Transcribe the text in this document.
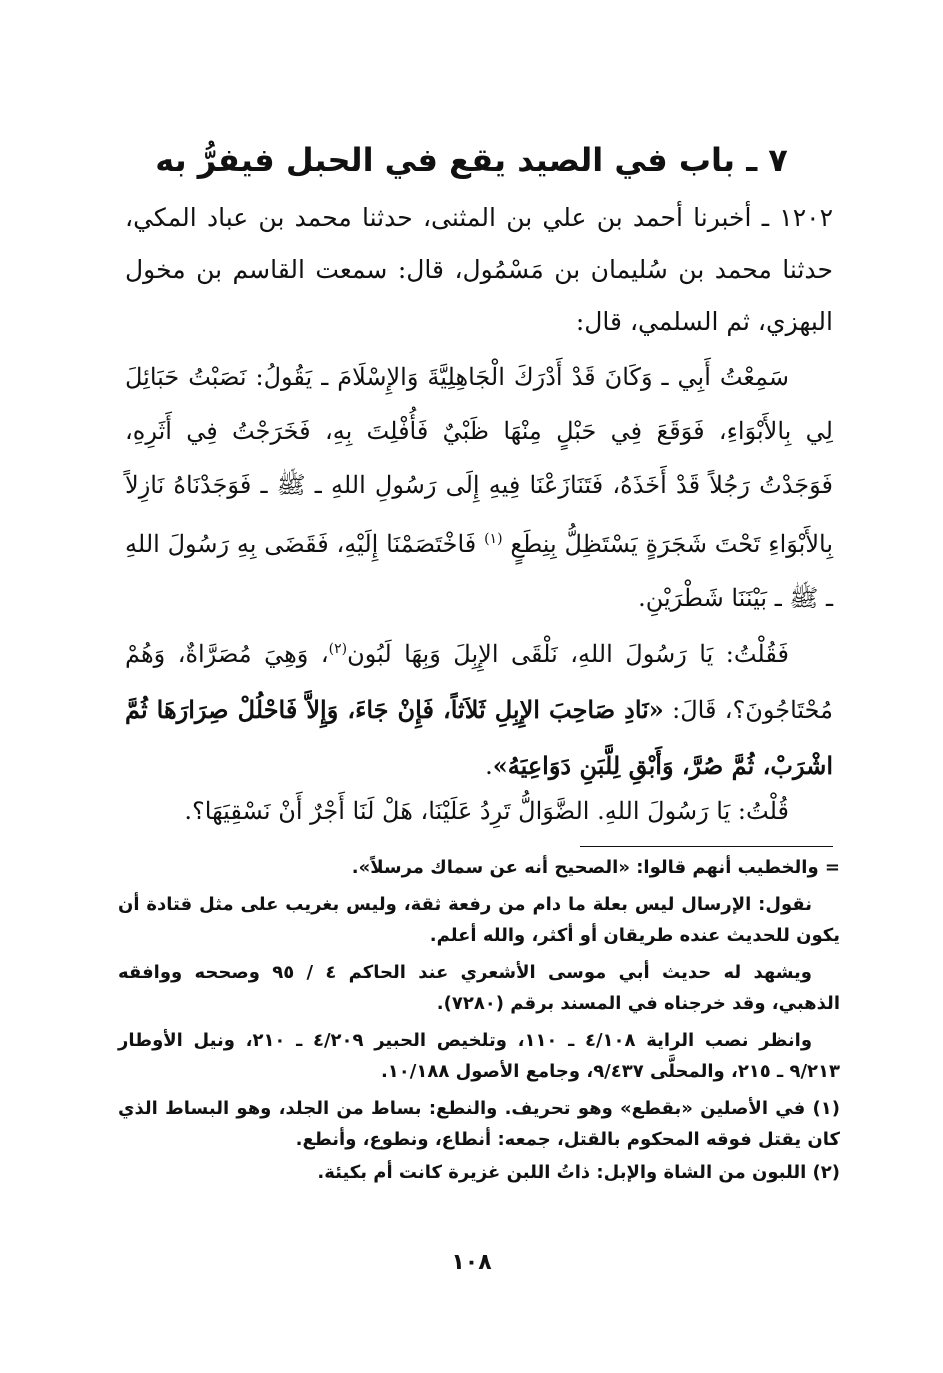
٧ ـ باب في الصيد يقع في الحبل فيفرُّ به

١٢٠٢ ـ أخبرنا أحمد بن علي بن المثنى، حدثنا محمد بن عباد المكي، حدثنا محمد بن سُليمان بن مَسْمُول، قال: سمعت القاسم بن مخول البهزي، ثم السلمي، قال:

سَمِعْتُ أَبِي ـ وَكَانَ قَدْ أَدْرَكَ الْجَاهِلِيَّةَ وَالإِسْلَامَ ـ يَقُولُ: نَصَبْتُ حَبَائِلَ لِي بِالأَبْوَاءِ، فَوَقَعَ فِي حَبْلٍ مِنْهَا ظَبْيٌ فَأُفْلِتَ بِهِ، فَخَرَجْتُ فِي أَثَرِهِ، فَوَجَدْتُ رَجُلاً قَدْ أَخَذَهُ، فَتَنَازَعْنَا فِيهِ إِلَى رَسُولِ اللهِ ـ ﷺ ـ فَوَجَدْنَاهُ نَازِلاً بِالأَبْوَاءِ تَحْتَ شَجَرَةٍ يَسْتَظِلُّ بِنِطَعٍ $^{(١)}$ فَاخْتَصَمْنَا إِلَيْهِ، فَقَضَى بِهِ رَسُولَ اللهِ ـ ﷺ ـ بَيْنَنَا شَطْرَيْنِ.

فَقُلْتُ: يَا رَسُولَ اللهِ، نَلْقَى الإِبِلَ وَبِهَا لَبُون$^{(٢)}$، وَهِيَ مُصَرَّاةٌ، وَهُمْ مُحْتَاجُونَ؟، قَالَ: «نَادِ صَاحِبَ الإِبِلِ ثَلاَثاً، فَإِنْ جَاءَ، وَإِلاَّ فَاحْلُلْ صِرَارَهَا ثُمَّ اشْرَبْ، ثُمَّ صُرَّ، وَأَبْقِ لِلَّبَنِ دَوَاعِيَهُ».

قُلْتُ: يَا رَسُولَ اللهِ. الضَّوَالُّ تَرِدُ عَلَيْنَا، هَلْ لَنَا أَجْرٌ أَنْ نَسْقِيَهَا؟.

= والخطيب أنهم قالوا: «الصحيح أنه عن سماك مرسلاً».

نقول: الإرسال ليس بعلة ما دام من رفعة ثقة، وليس بغريب على مثل قتادة أن يكون للحديث عنده طريقان أو أكثر، والله أعلم.

ويشهد له حديث أبي موسى الأشعري عند الحاكم ٤ / ٩٥ وصححه ووافقه الذهبي، وقد خرجناه في المسند برقم (٧٢٨٠).

وانظر نصب الراية ٤/١٠٨ ـ ١١٠، وتلخيص الحبير ٤/٢٠٩ ـ ٢١٠، ونيل الأوطار ٩/٢١٣ ـ ٢١٥، والمحلَّى ٩/٤٣٧، وجامع الأصول ١٠/١٨٨.

(١) في الأصلين «بقطع» وهو تحريف. والنطع: بساط من الجلد، وهو البساط الذي كان يقتل فوقه المحكوم بالقتل، جمعه: أنطاع، ونطوع، وأنطع.

(٢) اللبون من الشاة والإبل: ذاتُ اللبن غزيرة كانت أم بكيئة.

١٠٨
